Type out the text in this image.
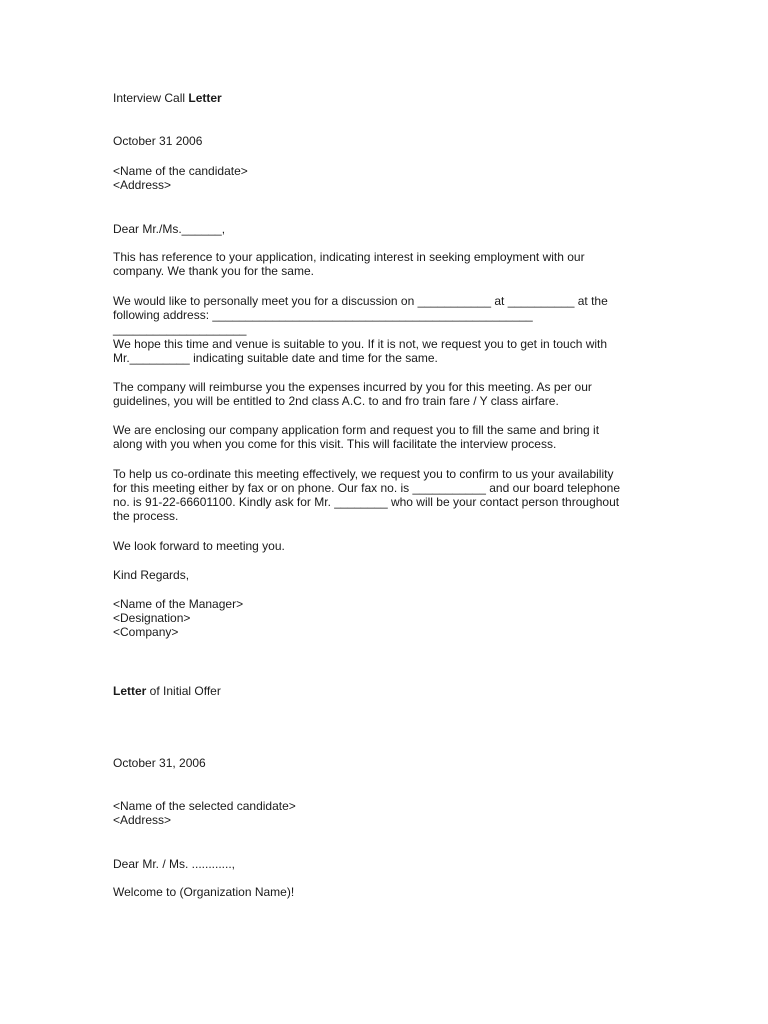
Interview Call Letter
October 31 2006
<Name of the candidate>
<Address>
Dear Mr./Ms.______,
This has reference to your application, indicating interest in seeking employment with our
company. We thank you for the same.
We would like to personally meet you for a discussion on ___________ at __________ at the
following address: ________________________________________________
____________________
We hope this time and venue is suitable to you. If it is not, we request you to get in touch with
Mr._________ indicating suitable date and time for the same.
The company will reimburse you the expenses incurred by you for this meeting. As per our
guidelines, you will be entitled to 2nd class A.C. to and fro train fare / Y class airfare.
We are enclosing our company application form and request you to fill the same and bring it
along with you when you come for this visit. This will facilitate the interview process.
To help us co-ordinate this meeting effectively, we request you to confirm to us your availability
for this meeting either by fax or on phone. Our fax no. is ___________ and our board telephone
no. is 91-22-66601100. Kindly ask for Mr. ________ who will be your contact person throughout
the process.
We look forward to meeting you.
Kind Regards,
<Name of the Manager>
<Designation>
<Company>
Letter of Initial Offer
October 31, 2006
<Name of the selected candidate>
<Address>
Dear Mr. / Ms. ............,
Welcome to (Organization Name)!
